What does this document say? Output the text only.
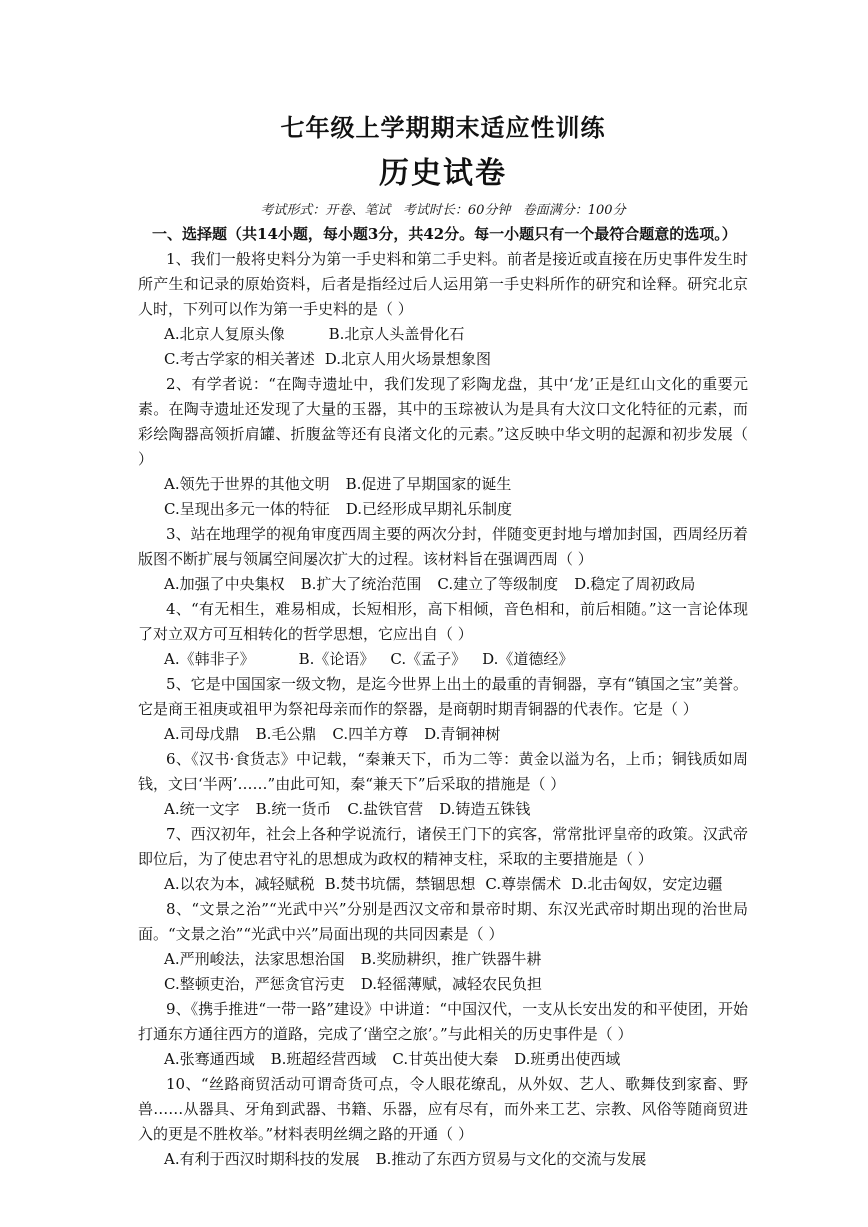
七年级上学期期末适应性训练
历史试卷
考试形式：开卷、笔试   考试时长：60分钟   卷面满分：100分

一、选择题（共14小题，每小题3分，共42分。每一小题只有一个最符合题意的选项。）

1、我们一般将史料分为第一手史料和第二手史料。前者是接近或直接在历史事件发生时所产生和记录的原始资料，后者是指经过后人运用第一手史料所作的研究和诠释。研究北京人时，下列可以作为第一手史料的是（ ）

A.北京人复原头像	B.北京人头盖骨化石
C.考古学家的相关著述 D.北京人用火场景想象图

2、有学者说：“在陶寺遗址中，我们发现了彩陶龙盘，其中‘龙’正是红山文化的重要元素。在陶寺遗址还发现了大量的玉器，其中的玉琮被认为是具有大汶口文化特征的元素，而彩绘陶器高领折肩罐、折腹盆等还有良渚文化的元素。”这反映中华文明的起源和初步发展（ ）

A.领先于世界的其他文明 B.促进了早期国家的诞生
C.呈现出多元一体的特征 D.已经形成早期礼乐制度

3、站在地理学的视角审度西周主要的两次分封，伴随变更封地与增加封国，西周经历着版图不断扩展与领属空间屡次扩大的过程。该材料旨在强调西周（ ）

A.加强了中央集权 B.扩大了统治范围 C.建立了等级制度 D.稳定了周初政局

4、“有无相生，难易相成，长短相形，高下相倾，音色相和，前后相随。”这一言论体现了对立双方可互相转化的哲学思想，它应出自（ ）

A.《韩非子》	B.《论语》 C.《孟子》 D.《道德经》

5、它是中国国家一级文物，是迄今世界上出土的最重的青铜器，享有“镇国之宝”美誉。它是商王祖庚或祖甲为祭祀母亲而作的祭器，是商朝时期青铜器的代表作。它是（ ）

A.司母戊鼎 B.毛公鼎 C.四羊方尊 D.青铜神树

6、《汉书·食货志》中记载，“秦兼天下，币为二等：黄金以溢为名，上币；铜钱质如周钱，文曰‘半两’……”由此可知，秦“兼天下”后采取的措施是（ ）

A.统一文字 B.统一货币 C.盐铁官营 D.铸造五铢钱

7、西汉初年，社会上各种学说流行，诸侯王门下的宾客，常常批评皇帝的政策。汉武帝即位后，为了使忠君守礼的思想成为政权的精神支柱，采取的主要措施是（ ）

A.以农为本，减轻赋税 B.焚书坑儒，禁锢思想 C.尊崇儒术 D.北击匈奴，安定边疆

8、“文景之治”“光武中兴”分别是西汉文帝和景帝时期、东汉光武帝时期出现的治世局面。“文景之治”“光武中兴”局面出现的共同因素是（ ）

A.严刑峻法，法家思想治国 B.奖励耕织，推广铁器牛耕
C.整顿吏治，严惩贪官污吏 D.轻徭薄赋，减轻农民负担

9、《携手推进“一带一路”建设》中讲道：“中国汉代，一支从长安出发的和平使团，开始打通东方通往西方的道路，完成了‘凿空之旅’。”与此相关的历史事件是（ ）

A.张骞通西域 B.班超经营西域 C.甘英出使大秦 D.班勇出使西域

10、“丝路商贸活动可谓奇货可点，令人眼花缭乱，从外奴、艺人、歌舞伎到家畜、野兽……从器具、牙角到武器、书籍、乐器，应有尽有，而外来工艺、宗教、风俗等随商贸进入的更是不胜枚举。”材料表明丝绸之路的开通（ ）

A.有利于西汉时期科技的发展 B.推动了东西方贸易与文化的交流与发展
